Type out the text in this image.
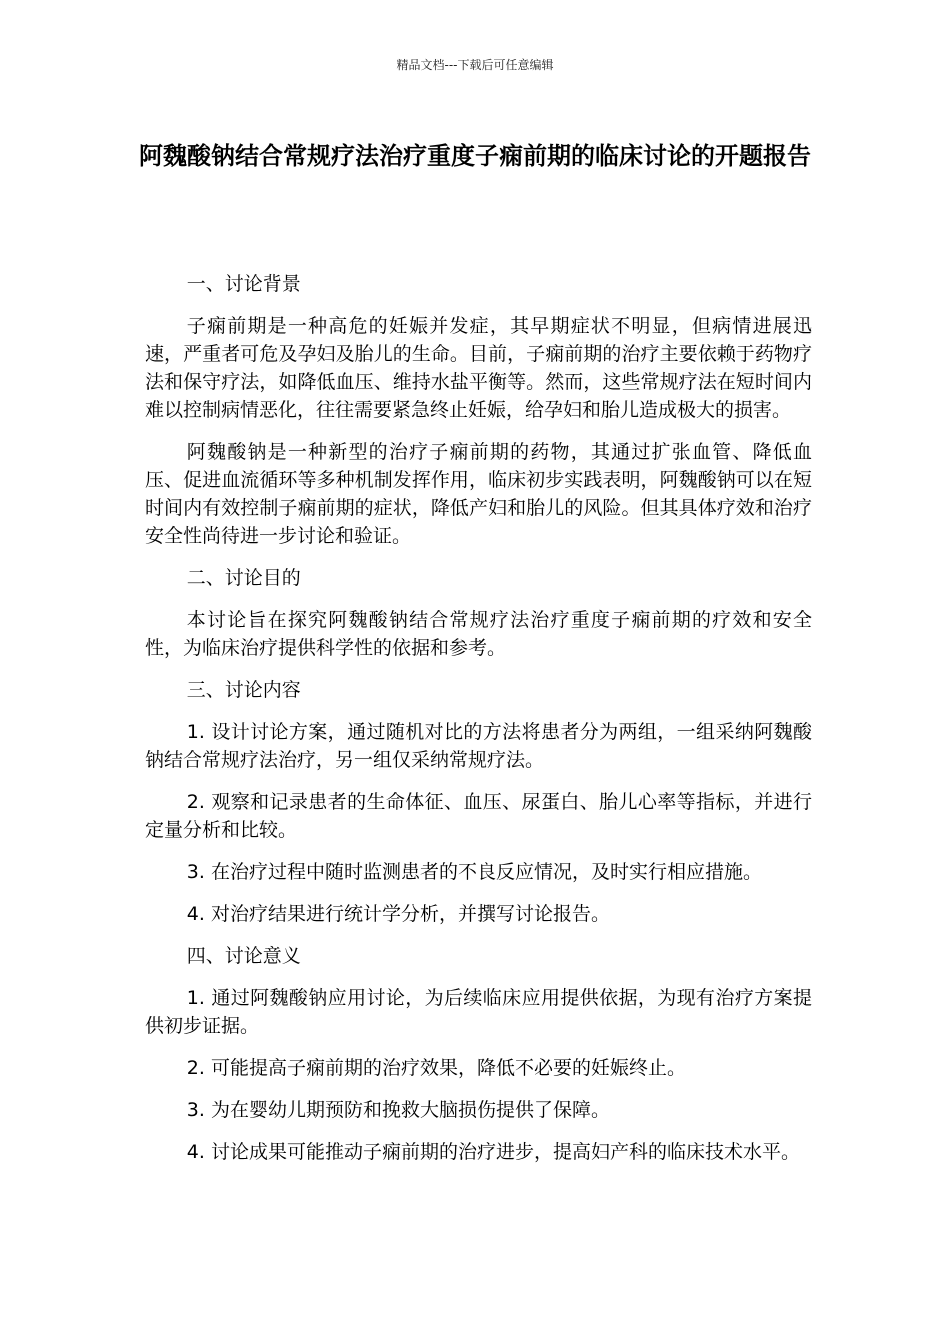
精品文档---下载后可任意编辑
阿魏酸钠结合常规疗法治疗重度子痫前期的临床讨论的开题报告

一、讨论背景

子痫前期是一种高危的妊娠并发症，其早期症状不明显，但病情进展迅速，严重者可危及孕妇及胎儿的生命。目前，子痫前期的治疗主要依赖于药物疗法和保守疗法，如降低血压、维持水盐平衡等。然而，这些常规疗法在短时间内难以控制病情恶化，往往需要紧急终止妊娠，给孕妇和胎儿造成极大的损害。

阿魏酸钠是一种新型的治疗子痫前期的药物，其通过扩张血管、降低血压、促进血流循环等多种机制发挥作用，临床初步实践表明，阿魏酸钠可以在短时间内有效控制子痫前期的症状，降低产妇和胎儿的风险。但其具体疗效和治疗安全性尚待进一步讨论和验证。

二、讨论目的

本讨论旨在探究阿魏酸钠结合常规疗法治疗重度子痫前期的疗效和安全性，为临床治疗提供科学性的依据和参考。

三、讨论内容

1. 设计讨论方案，通过随机对比的方法将患者分为两组，一组采纳阿魏酸钠结合常规疗法治疗，另一组仅采纳常规疗法。

2. 观察和记录患者的生命体征、血压、尿蛋白、胎儿心率等指标，并进行定量分析和比较。

3. 在治疗过程中随时监测患者的不良反应情况，及时实行相应措施。

4. 对治疗结果进行统计学分析，并撰写讨论报告。

四、讨论意义

1. 通过阿魏酸钠应用讨论，为后续临床应用提供依据，为现有治疗方案提供初步证据。

2. 可能提高子痫前期的治疗效果，降低不必要的妊娠终止。

3. 为在婴幼儿期预防和挽救大脑损伤提供了保障。

4. 讨论成果可能推动子痫前期的治疗进步，提高妇产科的临床技术水平。
